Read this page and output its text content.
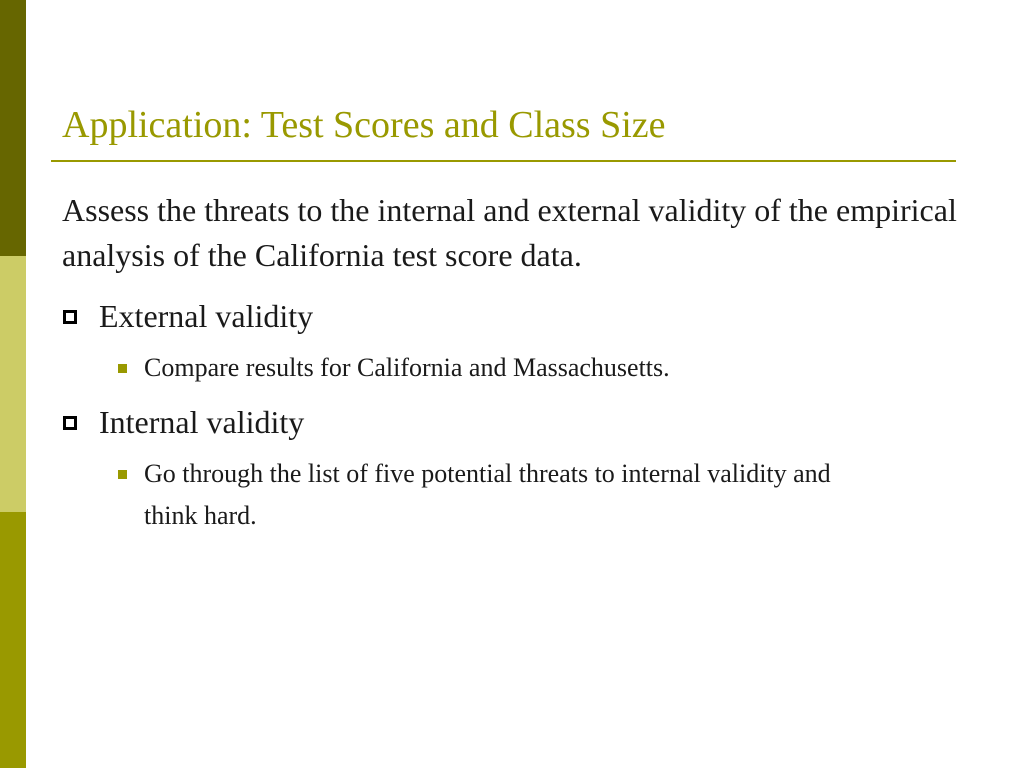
Application: Test Scores and Class Size

Assess the threats to the internal and external validity of the empirical analysis of the California test score data.

External validity
Compare results for California and Massachusetts.
Internal validity
Go through the list of five potential threats to internal validity and think hard.
